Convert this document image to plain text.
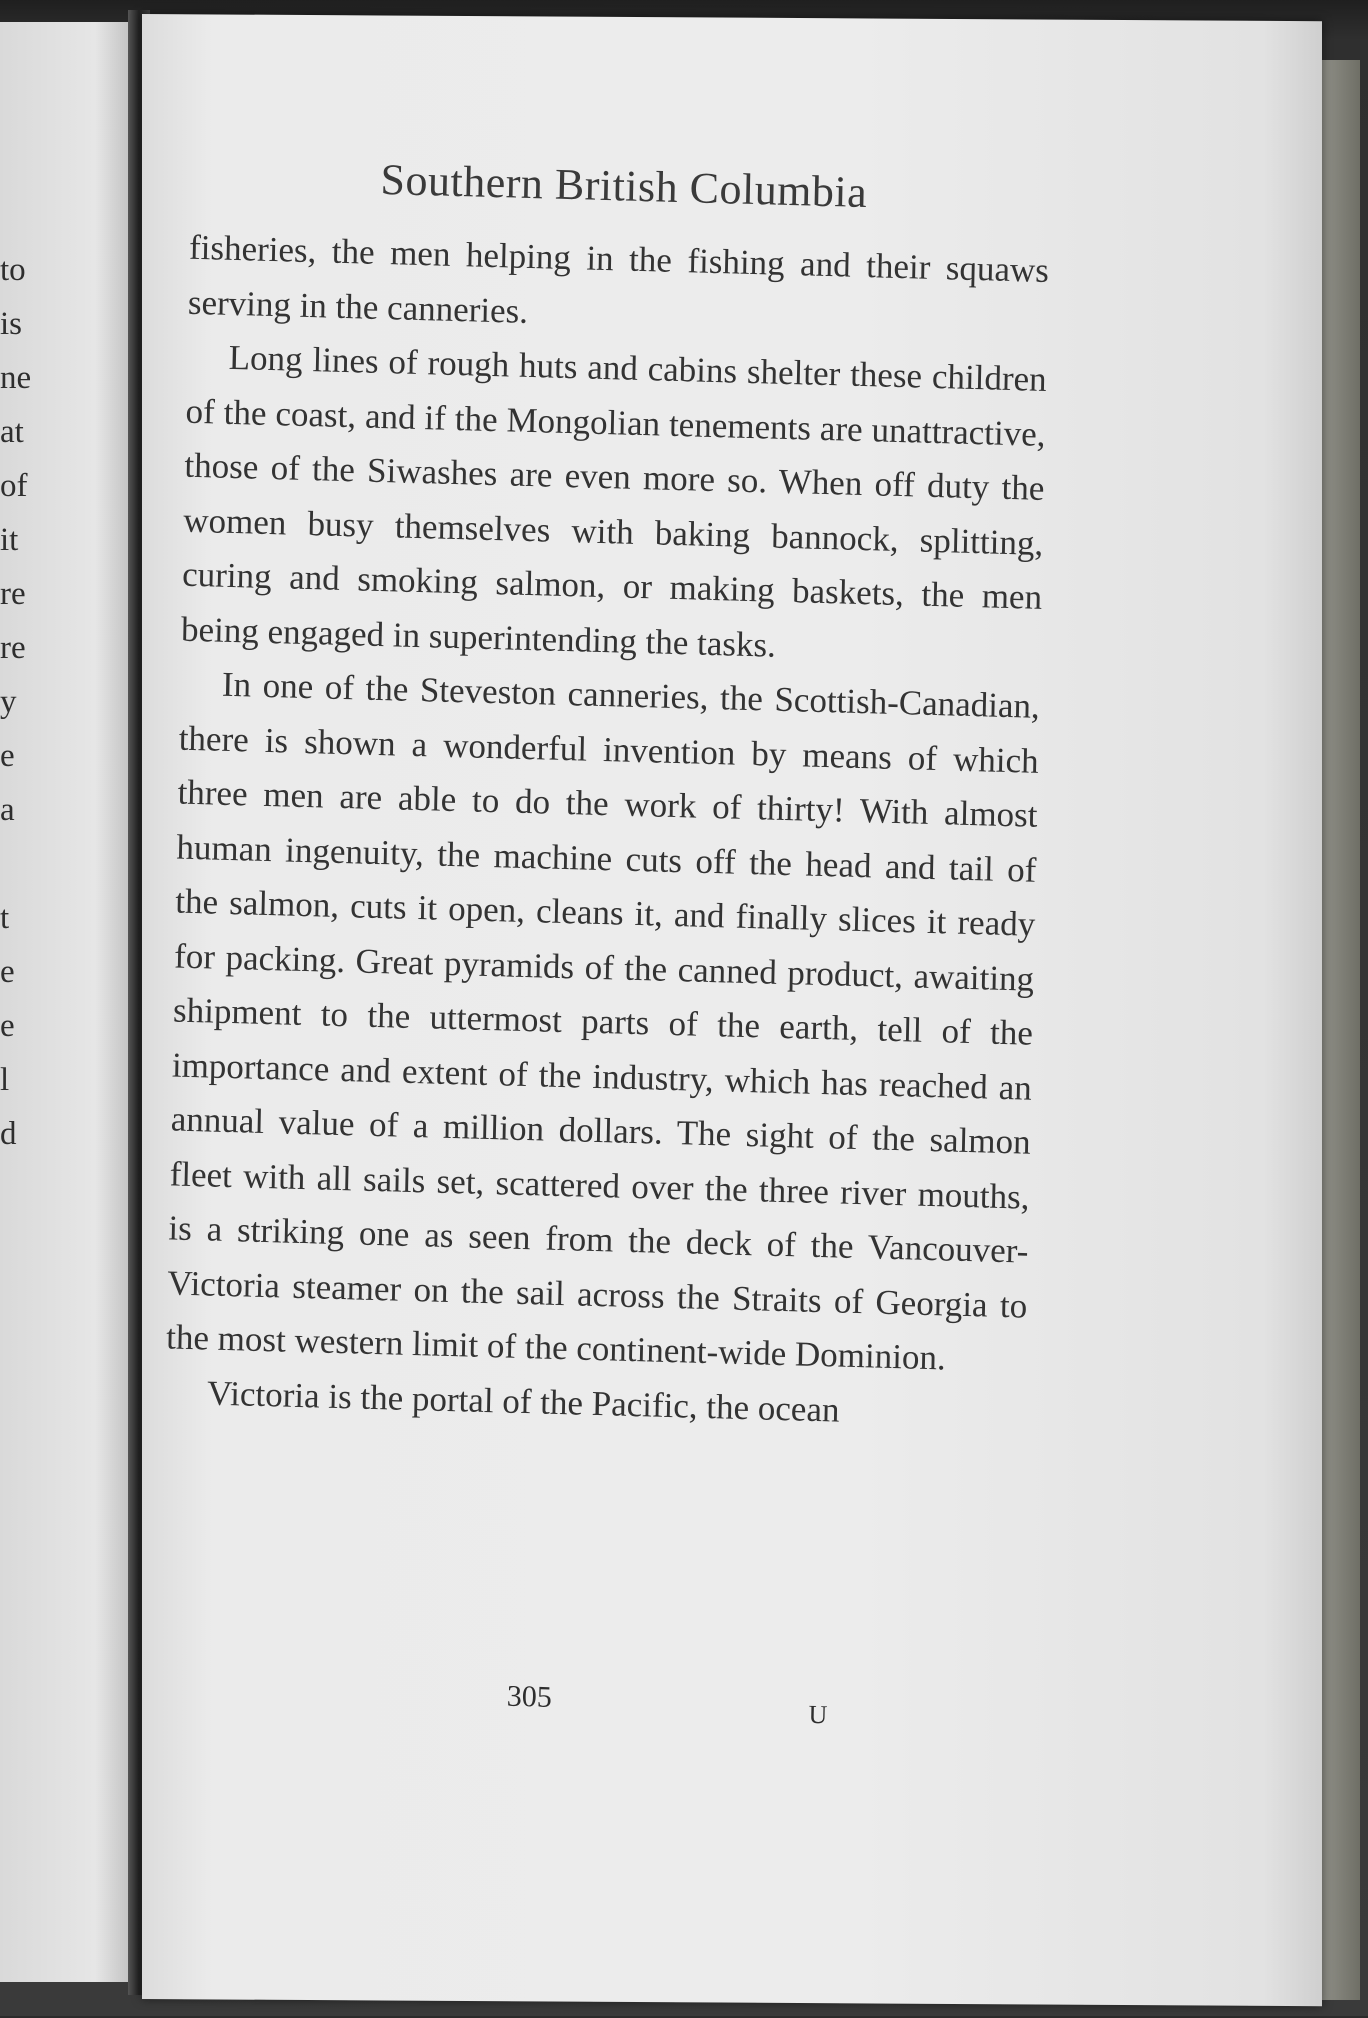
to
is
ne
at
of
it
re
re
y
e
a
t
e
e
l
d
Southern British Columbia

fisheries, the men helping in the fishing and their squaws serving in the canneries.

Long lines of rough huts and cabins shelter these children of the coast, and if the Mongolian tenements are unattractive, those of the Siwashes are even more so. When off duty the women busy themselves with baking bannock, splitting, curing and smoking salmon, or making baskets, the men being engaged in superintending the tasks.

In one of the Steveston canneries, the Scottish-Canadian, there is shown a wonderful invention by means of which three men are able to do the work of thirty! With almost human ingenuity, the machine cuts off the head and tail of the salmon, cuts it open, cleans it, and finally slices it ready for packing. Great pyramids of the canned product, awaiting shipment to the uttermost parts of the earth, tell of the importance and extent of the industry, which has reached an annual value of a million dollars. The sight of the salmon fleet with all sails set, scattered over the three river mouths, is a striking one as seen from the deck of the Vancouver-Victoria steamer on the sail across the Straits of Georgia to the most western limit of the continent-wide Dominion.

Victoria is the portal of the Pacific, the ocean

305
U
